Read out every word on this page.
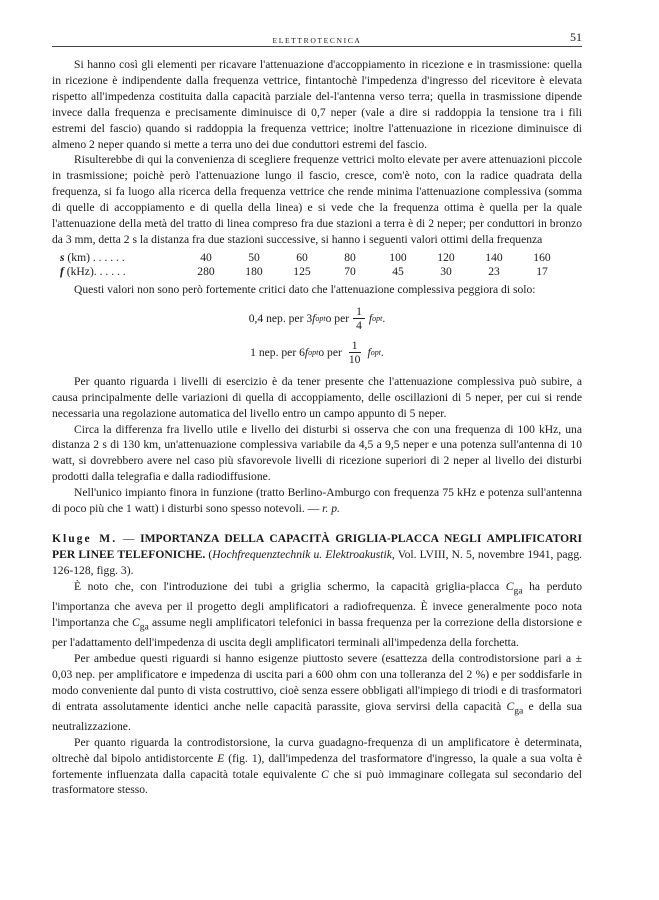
ELETTROTECNICA	51

Si hanno così gli elementi per ricavare l'attenuazione d'accoppiamento in ricezione e in trasmissione: quella in ricezione è indipendente dalla frequenza vettrice, fintantochè l'impedenza d'ingresso del ricevitore è elevata rispetto all'impedenza costituita dalla capacità parziale del-l'antenna verso terra; quella in trasmissione dipende invece dalla frequenza e precisamente diminuisce di 0,7 neper (vale a dire si raddoppia la tensione tra i fili estremi del fascio) quando si raddoppia la frequenza vettrice; inoltre l'attenuazione in ricezione diminuisce di almeno 2 neper quando si mette a terra uno dei due conduttori estremi del fascio.

Risulterebbe di qui la convenienza di scegliere frequenze vettrici molto elevate per avere attenuazioni piccole in trasmissione; poichè però l'attenuazione lungo il fascio, cresce, com'è noto, con la radice quadrata della frequenza, si fa luogo alla ricerca della frequenza vettrice che rende minima l'attenuazione complessiva (somma di quelle di accoppiamento e di quella della linea) e si vede che la frequenza ottima è quella per la quale l'attenuazione della metà del tratto di linea compreso fra due stazioni a terra è di 2 neper; per conduttori in bronzo da 3 mm, detta 2 s la distanza fra due stazioni successive, si hanno i seguenti valori ottimi della frequenza

s (km) . . . . . .	40	50	60	80	100	120	140	160
f (kHz). . . . . .	280	180	125	70	45	30	23	17

Questi valori non sono però fortemente critici dato che l'attenuazione complessiva peggiora di solo:

0,4 nep. per 3 f opt o per $\frac{1}{4}$ f opt .
1 nep. per 6 f opt o per $\frac{1}{10}$ f opt .

Per quanto riguarda i livelli di esercizio è da tener presente che l'attenuazione complessiva può subire, a causa principalmente delle variazioni di quella di accoppiamento, delle oscillazioni di 5 neper, per cui si rende necessaria una regolazione automatica del livello entro un campo appunto di 5 neper.

Circa la differenza fra livello utile e livello dei disturbi si osserva che con una frequenza di 100 kHz, una distanza 2 s di 130 km, un'attenuazione complessiva variabile da 4,5 a 9,5 neper e una potenza sull'antenna di 10 watt, si dovrebbero avere nel caso più sfavorevole livelli di ricezione superiori di 2 neper al livello dei disturbi prodotti dalla telegrafia e dalla radiodiffusione.

Nell'unico impianto finora in funzione (tratto Berlino-Amburgo con frequenza 75 kHz e potenza sull'antenna di poco più che 1 watt) i disturbi sono spesso notevoli. — r. p.

Kluge M. — IMPORTANZA DELLA CAPACITÀ GRIGLIA-PLACCA NEGLI AMPLIFICATORI PER LINEE TELEFONICHE. (Hochfrequenztechnik u. Elektroakustik, Vol. LVIII, N. 5, novembre 1941, pagg. 126-128, figg. 3).

È noto che, con l'introduzione dei tubi a griglia schermo, la capacità griglia-placca $C_{ga}$ ha perduto l'importanza che aveva per il progetto degli amplificatori a radiofrequenza. È invece generalmente poco nota l'importanza che $C_{ga}$ assume negli amplificatori telefonici in bassa frequenza per la correzione della distorsione e per l'adattamento dell'impedenza di uscita degli amplificatori terminali all'impedenza della forchetta.

Per ambedue questi riguardi si hanno esigenze piuttosto severe (esattezza della controdistorsione pari a ± 0,03 nep. per amplificatore e impedenza di uscita pari a 600 ohm con una tolleranza del 2 %) e per soddisfarle in modo conveniente dal punto di vista costruttivo, cioè senza essere obbligati all'impiego di triodi e di trasformatori di entrata assolutamente identici anche nelle capacità parassite, giova servirsi della capacità $C_{ga}$ e della sua neutralizzazione.

Per quanto riguarda la controdistorsione, la curva guadagno-frequenza di un amplificatore è determinata, oltrechè dal bipolo antidistorcente E (fig. 1), dall'impedenza del trasformatore d'ingresso, la quale a sua volta è fortemente influenzata dalla capacità totale equivalente C che si può immaginare collegata sul secondario del trasformatore stesso.
